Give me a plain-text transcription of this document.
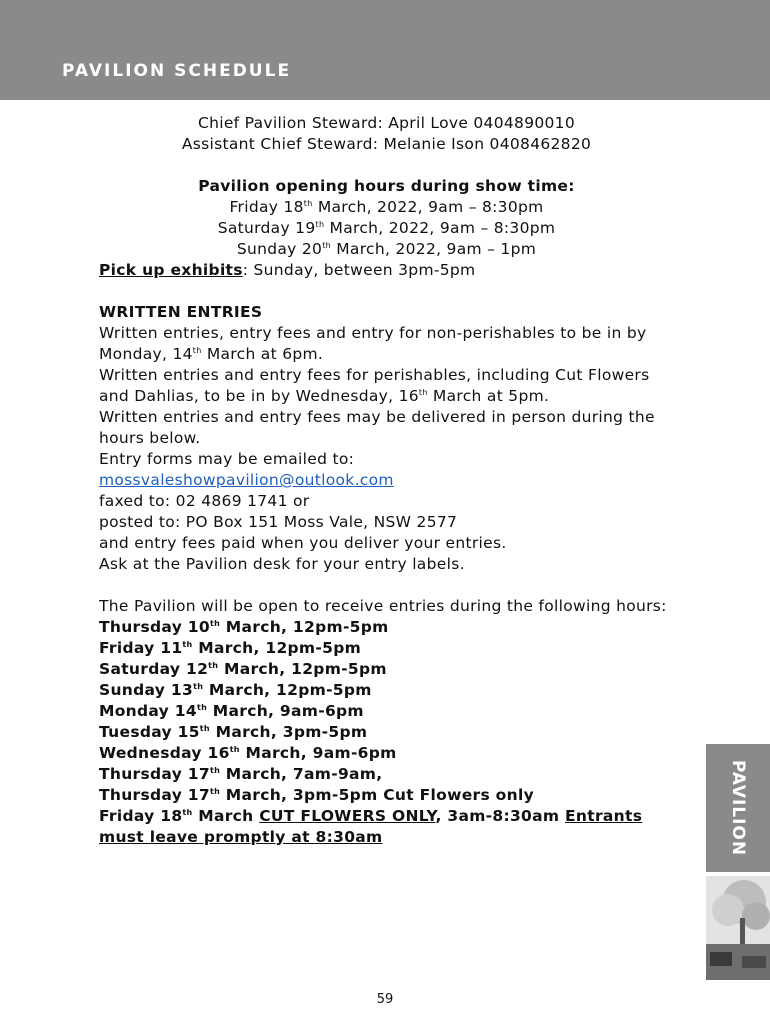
PAVILION SCHEDULE
Chief Pavilion Steward: April Love 0404890010
Assistant Chief Steward: Melanie Ison 0408462820
Pavilion opening hours during show time:
Friday 18th March, 2022, 9am – 8:30pm
Saturday 19th March, 2022, 9am – 8:30pm
Sunday 20th March, 2022, 9am – 1pm
Pick up exhibits: Sunday, between 3pm-5pm
WRITTEN ENTRIES
Written entries, entry fees and entry for non-perishables to be in by Monday, 14th March at 6pm.
Written entries and entry fees for perishables, including Cut Flowers and Dahlias, to be in by Wednesday, 16th March at 5pm.
Written entries and entry fees may be delivered in person during the hours below.
Entry forms may be emailed to:
mossvaleshowpavilion@outlook.com
faxed to: 02 4869 1741 or
posted to: PO Box 151 Moss Vale, NSW 2577
and entry fees paid when you deliver your entries.
Ask at the Pavilion desk for your entry labels.
The Pavilion will be open to receive entries during the following hours:
Thursday 10th March, 12pm-5pm
Friday 11th March, 12pm-5pm
Saturday 12th March, 12pm-5pm
Sunday 13th March, 12pm-5pm
Monday 14th March, 9am-6pm
Tuesday 15th March, 3pm-5pm
Wednesday 16th March, 9am-6pm
Thursday 17th March, 7am-9am,
Thursday 17th March, 3pm-5pm Cut Flowers only
Friday 18th March CUT FLOWERS ONLY, 3am-8:30am Entrants must leave promptly at 8:30am	PAVILION
59
